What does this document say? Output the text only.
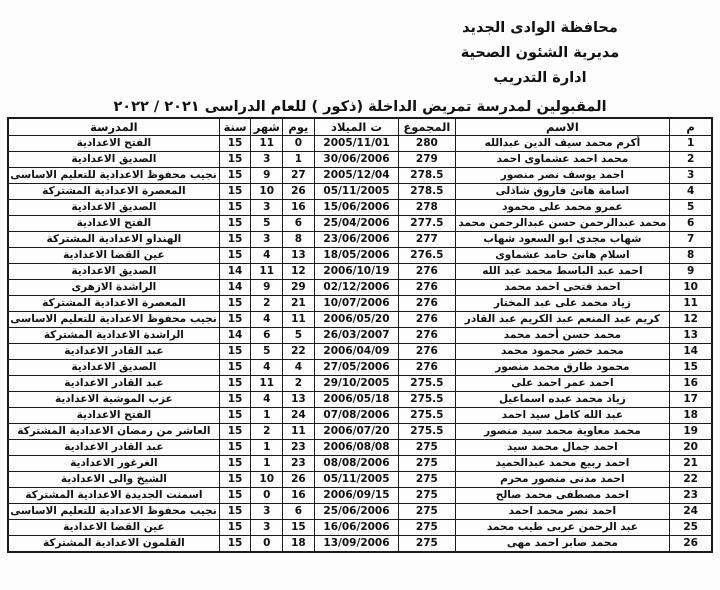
محافظة الوادى الجديد
مديرية الشئون الصحية
ادارة التدريب
المقبولين لمدرسة تمريض الداخلة (ذكور ) للعام الدراسى ٢٠٢١ / ٢٠٢٢
م	الاسم	المجموع	ت الميلاد	يوم	شهر	سنة	المدرسة
1	أكرم محمد سيف الدين عبدالله	280	2005/11/01	0	11	15	الفتح الاعدادية
2	محمد احمد عشماوى احمد	279	30/06/2006	1	3	15	الصديق الاعدادية
3	احمد يوسف نصر منصور	278.5	2005/12/04	27	9	15	نجيب محفوظ الاعدادية للتعليم الاساسى
4	اسامة هانئ فاروق شاذلى	278.5	05/11/2005	26	10	15	المعصرة الاعدادية المشتركة
5	عمرو محمد على محمود	278	15/06/2006	16	3	15	الصديق الاعدادية
6	محمد عبدالرحمن حسن عبدالرحمن محمد	277.5	25/04/2006	6	5	15	الفتح الاعدادية
7	شهاب مجدى ابو السعود شهاب	277	23/06/2006	8	3	15	الهنداو الاعدادية المشتركة
8	اسلام هانئ حامد عشماوى	276.5	18/05/2006	13	4	15	عين القضا الاعدادية
9	احمد عبد الباسط محمد عبد الله	276	2006/10/19	12	11	14	الصديق الاعدادية
10	احمد فتحى احمد محمد	276	02/12/2006	29	9	14	الراشدة الازهرى
11	زياد محمد على عبد المختار	276	10/07/2006	21	2	15	المعصرة الاعدادية المشتركة
12	كريم عبد المنعم عبد الكريم عبد القادر	276	2006/05/20	11	4	15	نجيب محفوظ الاعدادية للتعليم الاساسى
13	محمد حسن أحمد محمد	276	26/03/2007	5	6	14	الراشدة الاعدادية المشتركة
14	محمد خضر محمود محمد	276	2006/04/09	22	5	15	عبد القادر الاعدادية
15	محمود طارق محمد منصور	276	27/05/2006	4	4	15	الصديق الاعدادية
16	احمد عمر احمد على	275.5	29/10/2005	2	11	15	عبد القادر الاعدادية
17	زياد محمد عبده اسماعيل	275.5	2006/05/18	13	4	15	عزب الموشية الاعدادية
18	عبد الله كامل سيد احمد	275.5	07/08/2006	24	1	15	الفتح الاعدادية
19	محمد معاوية محمد سيد منصور	275.5	2006/07/20	11	2	15	العاشر من رمضان الاعدادية المشتركة
20	احمد جمال محمد سيد	275	2006/08/08	23	1	15	عبد القادر الاعدادية
21	احمد ربيع محمد عبدالحميد	275	08/08/2006	23	1	15	الغرغور الاعدادية
22	احمد مدنى منصور محرم	275	05/11/2005	26	10	15	الشيخ والى الاعدادية
23	احمد مصطفى محمد صالح	275	2006/09/15	16	0	15	اسمنت الجديدة الاعدادية المشتركة
24	احمد نصر محمد احمد	275	25/06/2006	6	3	15	نجيب محفوظ الاعدادية للتعليم الاساسى
25	عبد الرحمن عربى طيب محمد	275	16/06/2006	15	3	15	عين القضا الاعدادية
26	محمد صابر احمد مهى	275	13/09/2006	18	0	15	القلمون الاعدادية المشتركة
